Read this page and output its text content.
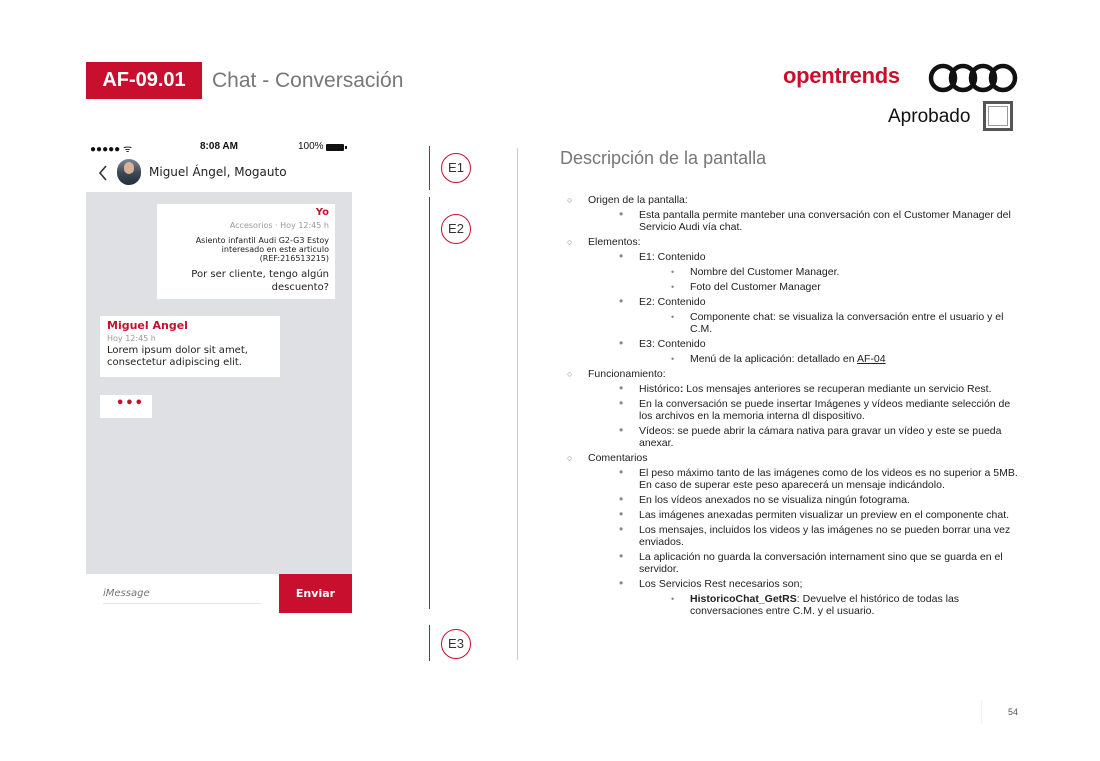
AF-09.01	Chat - Conversación	opentrends
Aprobado
●●●●● ᯤ	8:08 AM	100%
Miguel Ángel, Mogauto
Yo
Accesorios · Hoy 12:45 h
Asiento infantil Audi G2-G3 Estoy interesado en este articulo (REF:216513215)
Por ser cliente, tengo algún descuento?
Miguel Angel
Hoy 12:45 h
Lorem ipsum dolor sit amet, consectetur adipiscing elit.
•••
iMessage
Enviar
E1
E2
E3
Descripción de la pantalla
○ Origen de la pantalla:
• Esta pantalla permite manteber una conversación con el Customer Manager del Servicio Audi vía chat.
○ Elementos:
• E1: Contenido
• Nombre del Customer Manager.
• Foto del Customer Manager
• E2: Contenido
• Componente chat: se visualiza la conversación entre el usuario y el C.M.
• E3: Contenido
• Menú de la aplicación: detallado en AF-04
○ Funcionamiento:
• Histórico: Los mensajes anteriores se recuperan mediante un servicio Rest.
• En la conversación se puede insertar Imágenes y vídeos mediante selección de los archivos en la memoria interna dl dispositivo.
• Vídeos: se puede abrir la cámara nativa para gravar un vídeo y este se pueda anexar.
○ Comentarios
• El peso máximo tanto de las imágenes como de los videos es no superior a 5MB. En caso de superar este peso aparecerá un mensaje indicándolo.
• En los vídeos anexados no se visualiza ningún fotograma.
• Las imágenes anexadas permiten visualizar un preview en el componente chat.
• Los mensajes, incluidos los videos y las imágenes no se pueden borrar una vez enviados.
• La aplicación no guarda la conversación internament sino que se guarda en el servidor.
• Los Servicios Rest necesarios son;
• HistoricoChat_GetRS: Devuelve el histórico de todas las conversaciones entre C.M. y el usuario.
54
